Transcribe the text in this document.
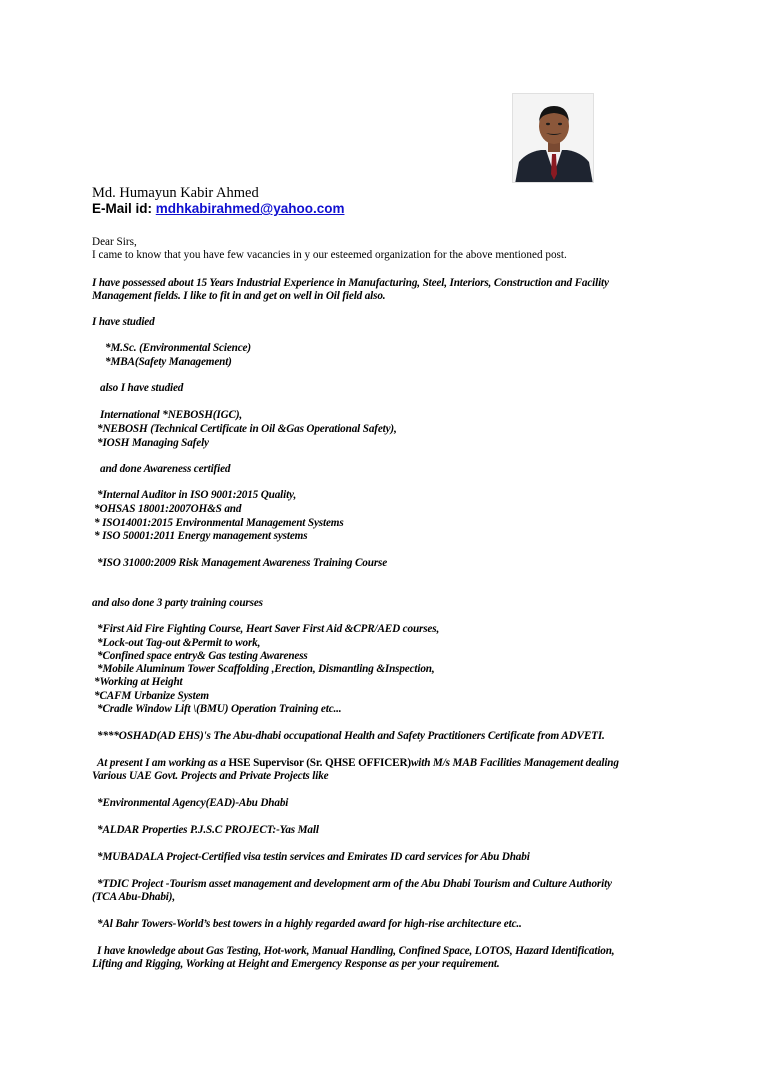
Md. Humayun Kabir Ahmed
E-Mail id: mdhkabirahmed@yahoo.com
Dear Sirs,
I came to know that you have few vacancies in y our esteemed organization for the above mentioned post.
I have possessed about 15 Years Industrial Experience in Manufacturing, Steel, Interiors, Construction and Facility
Management fields. I like to fit in and get on well in Oil field also.
I have studied
*M.Sc. (Environmental Science)
*MBA(Safety Management)
also I have studied
International *NEBOSH(IGC),
*NEBOSH (Technical Certificate in Oil &Gas Operational Safety),
*IOSH Managing Safely
and done Awareness certified
*Internal Auditor in ISO 9001:2015 Quality,
*OHSAS 18001:2007OH&S and
* ISO14001:2015 Environmental Management Systems
* ISO 50001:2011 Energy management systems
*ISO 31000:2009 Risk Management Awareness Training Course
and also done 3 party training courses
*First Aid Fire Fighting Course, Heart Saver First Aid &CPR/AED courses,
*Lock-out Tag-out &Permit to work,
*Confined space entry& Gas testing Awareness
*Mobile Aluminum Tower Scaffolding ,Erection, Dismantling &Inspection,
*Working at Height
*CAFM Urbanize System
*Cradle Window Lift \(BMU) Operation Training etc...
****OSHAD(AD EHS)'s The Abu-dhabi occupational Health and Safety Practitioners Certificate from ADVETI.
At present I am working as a HSE Supervisor (Sr. QHSE OFFICER)with M/s MAB Facilities Management dealing
Various UAE Govt. Projects and Private Projects like
*Environmental Agency(EAD)-Abu Dhabi
*ALDAR Properties P.J.S.C PROJECT:-Yas Mall
*MUBADALA Project-Certified visa testin services and Emirates ID card services for Abu Dhabi
*TDIC Project -Tourism asset management and development arm of the Abu Dhabi Tourism and Culture Authority
(TCA Abu-Dhabi),
*Al Bahr Towers-World’s best towers in a highly regarded award for high-rise architecture etc..
I have knowledge about Gas Testing, Hot-work, Manual Handling, Confined Space, LOTOS, Hazard Identification,
Lifting and Rigging, Working at Height and Emergency Response as per your requirement.
